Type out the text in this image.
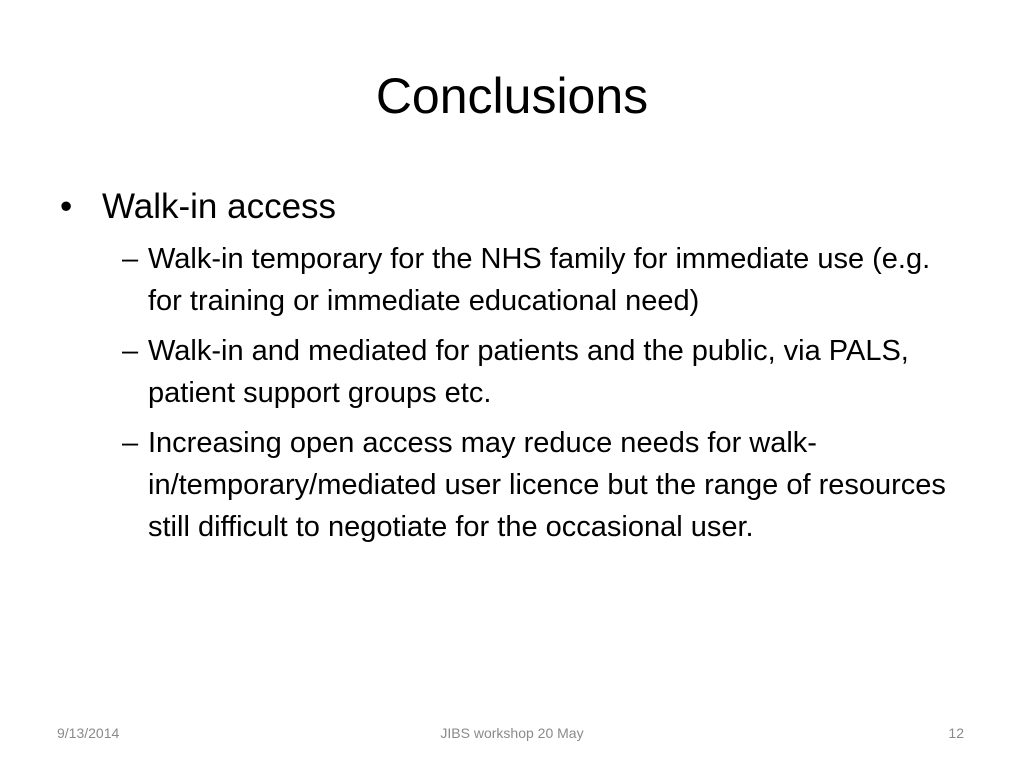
Conclusions
• Walk-in access
– Walk-in temporary for the NHS family for immediate use (e.g. for training or immediate educational need)
– Walk-in and mediated for patients and the public, via PALS, patient support groups etc.
– Increasing open access may reduce needs for walk-in/temporary/mediated user licence but the range of resources still difficult to negotiate for the occasional user.
9/13/2014	JIBS workshop 20 May	12
